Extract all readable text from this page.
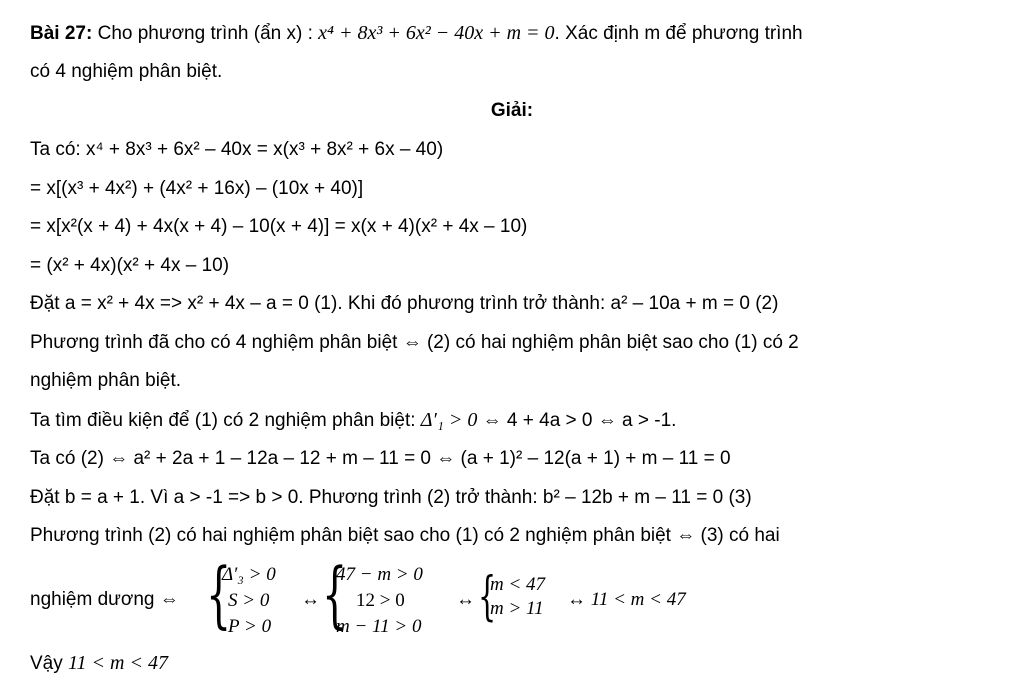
Bài 27: Cho phương trình (ẩn x) : x⁴ + 8x³ + 6x² − 40x + m = 0. Xác định m để phương trình
có 4 nghiệm phân biệt.
Giải:
Ta có: x⁴ + 8x³ + 6x² – 40x = x(x³ + 8x² + 6x – 40)
= x[(x³ + 4x²) + (4x² + 16x) – (10x + 40)]
= x[x²(x + 4) + 4x(x + 4) – 10(x + 4)] = x(x + 4)(x² + 4x – 10)
= (x² + 4x)(x² + 4x – 10)
Đặt a = x² + 4x => x² + 4x – a = 0 (1). Khi đó phương trình trở thành: a² – 10a + m = 0 (2)
Phương trình đã cho có 4 nghiệm phân biệt ⇔ (2) có hai nghiệm phân biệt sao cho (1) có 2
nghiệm phân biệt.
Ta tìm điều kiện để (1) có 2 nghiệm phân biệt: Δ′₁ > 0 ⇔ 4 + 4a > 0 ⇔ a > -1.
Ta có (2) ⇔ a² + 2a + 1 – 12a – 12 + m – 11 = 0 ⇔ (a + 1)² – 12(a + 1) + m – 11 = 0
Đặt b = a + 1. Vì a > -1 => b > 0. Phương trình (2) trở thành: b² – 12b + m – 11 = 0 (3)
Phương trình (2) có hai nghiệm phân biệt sao cho (1) có 2 nghiệm phân biệt ⇔ (3) có hai
nghiệm dương ⇔ {
Δ′₃ > 0
S > 0
P > 0
↔ {
47 − m > 0
12 > 0
m − 11 > 0
↔ {
m < 47
m > 11 ↔ 11 < m < 47
Vậy 11 < m < 47
